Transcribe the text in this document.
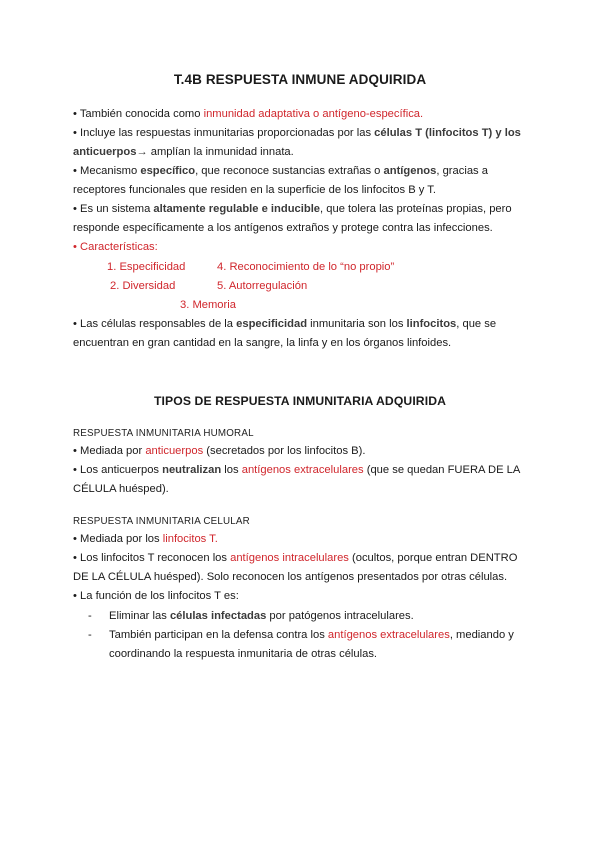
T.4B RESPUESTA INMUNE ADQUIRIDA
• También conocida como inmunidad adaptativa o antígeno-específica.
• Incluye las respuestas inmunitarias proporcionadas por las células T (linfocitos T) y los
anticuerpos→ amplían la inmunidad innata.
• Mecanismo específico, que reconoce sustancias extrañas o antígenos, gracias a
receptores funcionales que residen en la superficie de los linfocitos B y T.
• Es un sistema altamente regulable e inducible, que tolera las proteínas propias, pero
responde específicamente a los antígenos extraños y protege contra las infecciones.
• Características:
1. Especificidad	4. Reconocimiento de lo “no propio”
2. Diversidad	5. Autorregulación
3. Memoria
• Las células responsables de la especificidad inmunitaria son los linfocitos, que se
encuentran en gran cantidad en la sangre, la linfa y en los órganos linfoides.
TIPOS DE RESPUESTA INMUNITARIA ADQUIRIDA
RESPUESTA INMUNITARIA HUMORAL
• Mediada por anticuerpos (secretados por los linfocitos B).
• Los anticuerpos neutralizan los antígenos extracelulares (que se quedan FUERA DE LA
CÉLULA huésped).
RESPUESTA INMUNITARIA CELULAR
• Mediada por los linfocitos T.
• Los linfocitos T reconocen los antígenos intracelulares (ocultos, porque entran DENTRO
DE LA CÉLULA huésped). Solo reconocen los antígenos presentados por otras células.
• La función de los linfocitos T es:
- Eliminar las células infectadas por patógenos intracelulares.
- También participan en la defensa contra los antígenos extracelulares, mediando y
coordinando la respuesta inmunitaria de otras células.
